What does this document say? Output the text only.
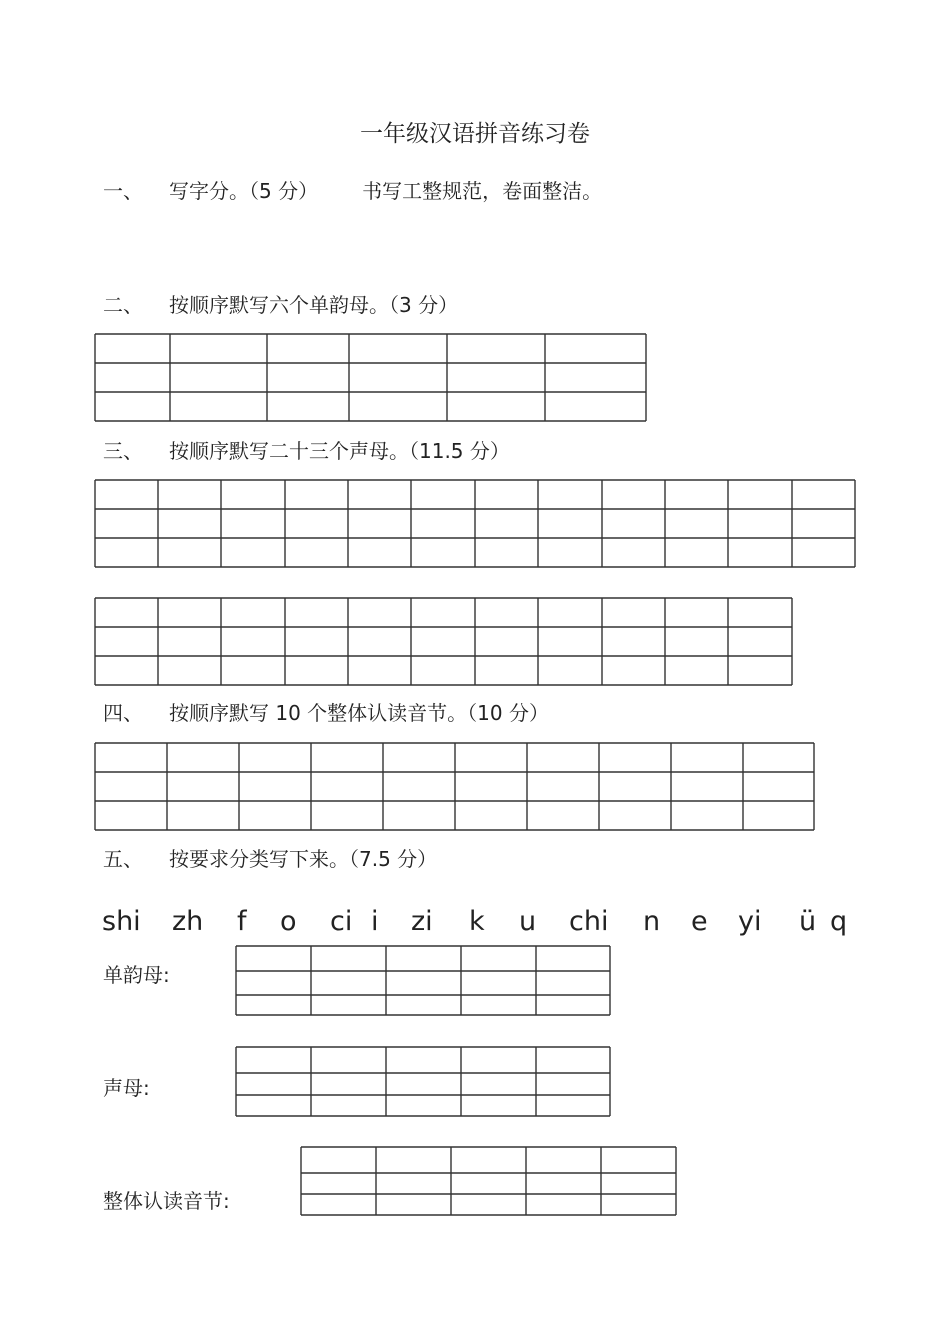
一年级汉语拼音练习卷
一、 写字分。（5 分） 书写工整规范，卷面整洁。
二、 按顺序默写六个单韵母。（3 分）
三、 按顺序默写二十三个声母。（11.5 分）
四、 按顺序默写 10 个整体认读音节。（10 分）
五、 按要求分类写下来。（7.5 分）
shi zh f o ci i zi k u chi n e yi ü q
单韵母:
声母:
整体认读音节:
